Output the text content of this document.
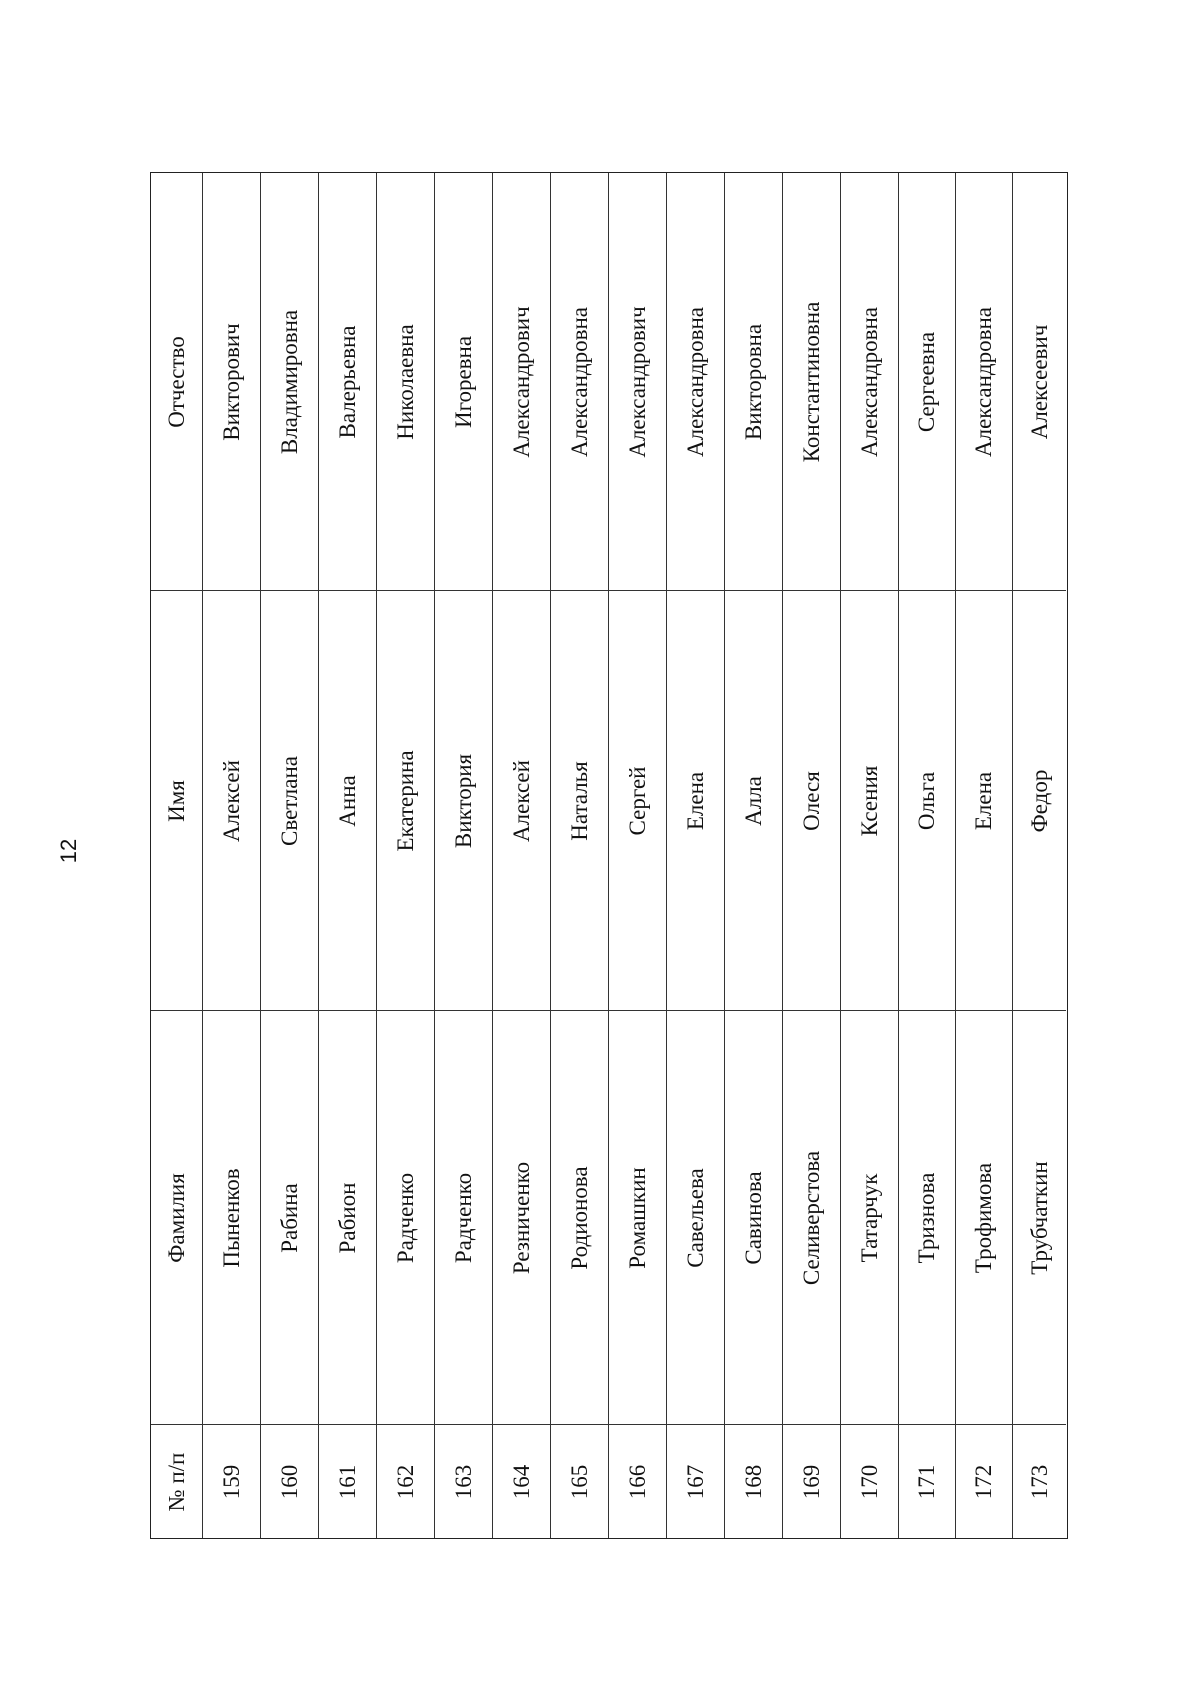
12
Отчество
Имя
Фамилия
№ п/п
Викторович
Алексей
Пыненков
159
Владимировна
Светлана
Рабина
160
Валерьевна
Анна
Рабион
161
Николаевна
Екатерина
Радченко
162
Игоревна
Виктория
Радченко
163
Александрович
Алексей
Резниченко
164
Александровна
Наталья
Родионова
165
Александрович
Сергей
Ромашкин
166
Александровна
Елена
Савельева
167
Викторовна
Алла
Савинова
168
Константиновна
Олеся
Селиверстова
169
Александровна
Ксения
Татарчук
170
Сергеевна
Ольга
Тризнова
171
Александровна
Елена
Трофимова
172
Алексеевич
Федор
Трубчаткин
173
